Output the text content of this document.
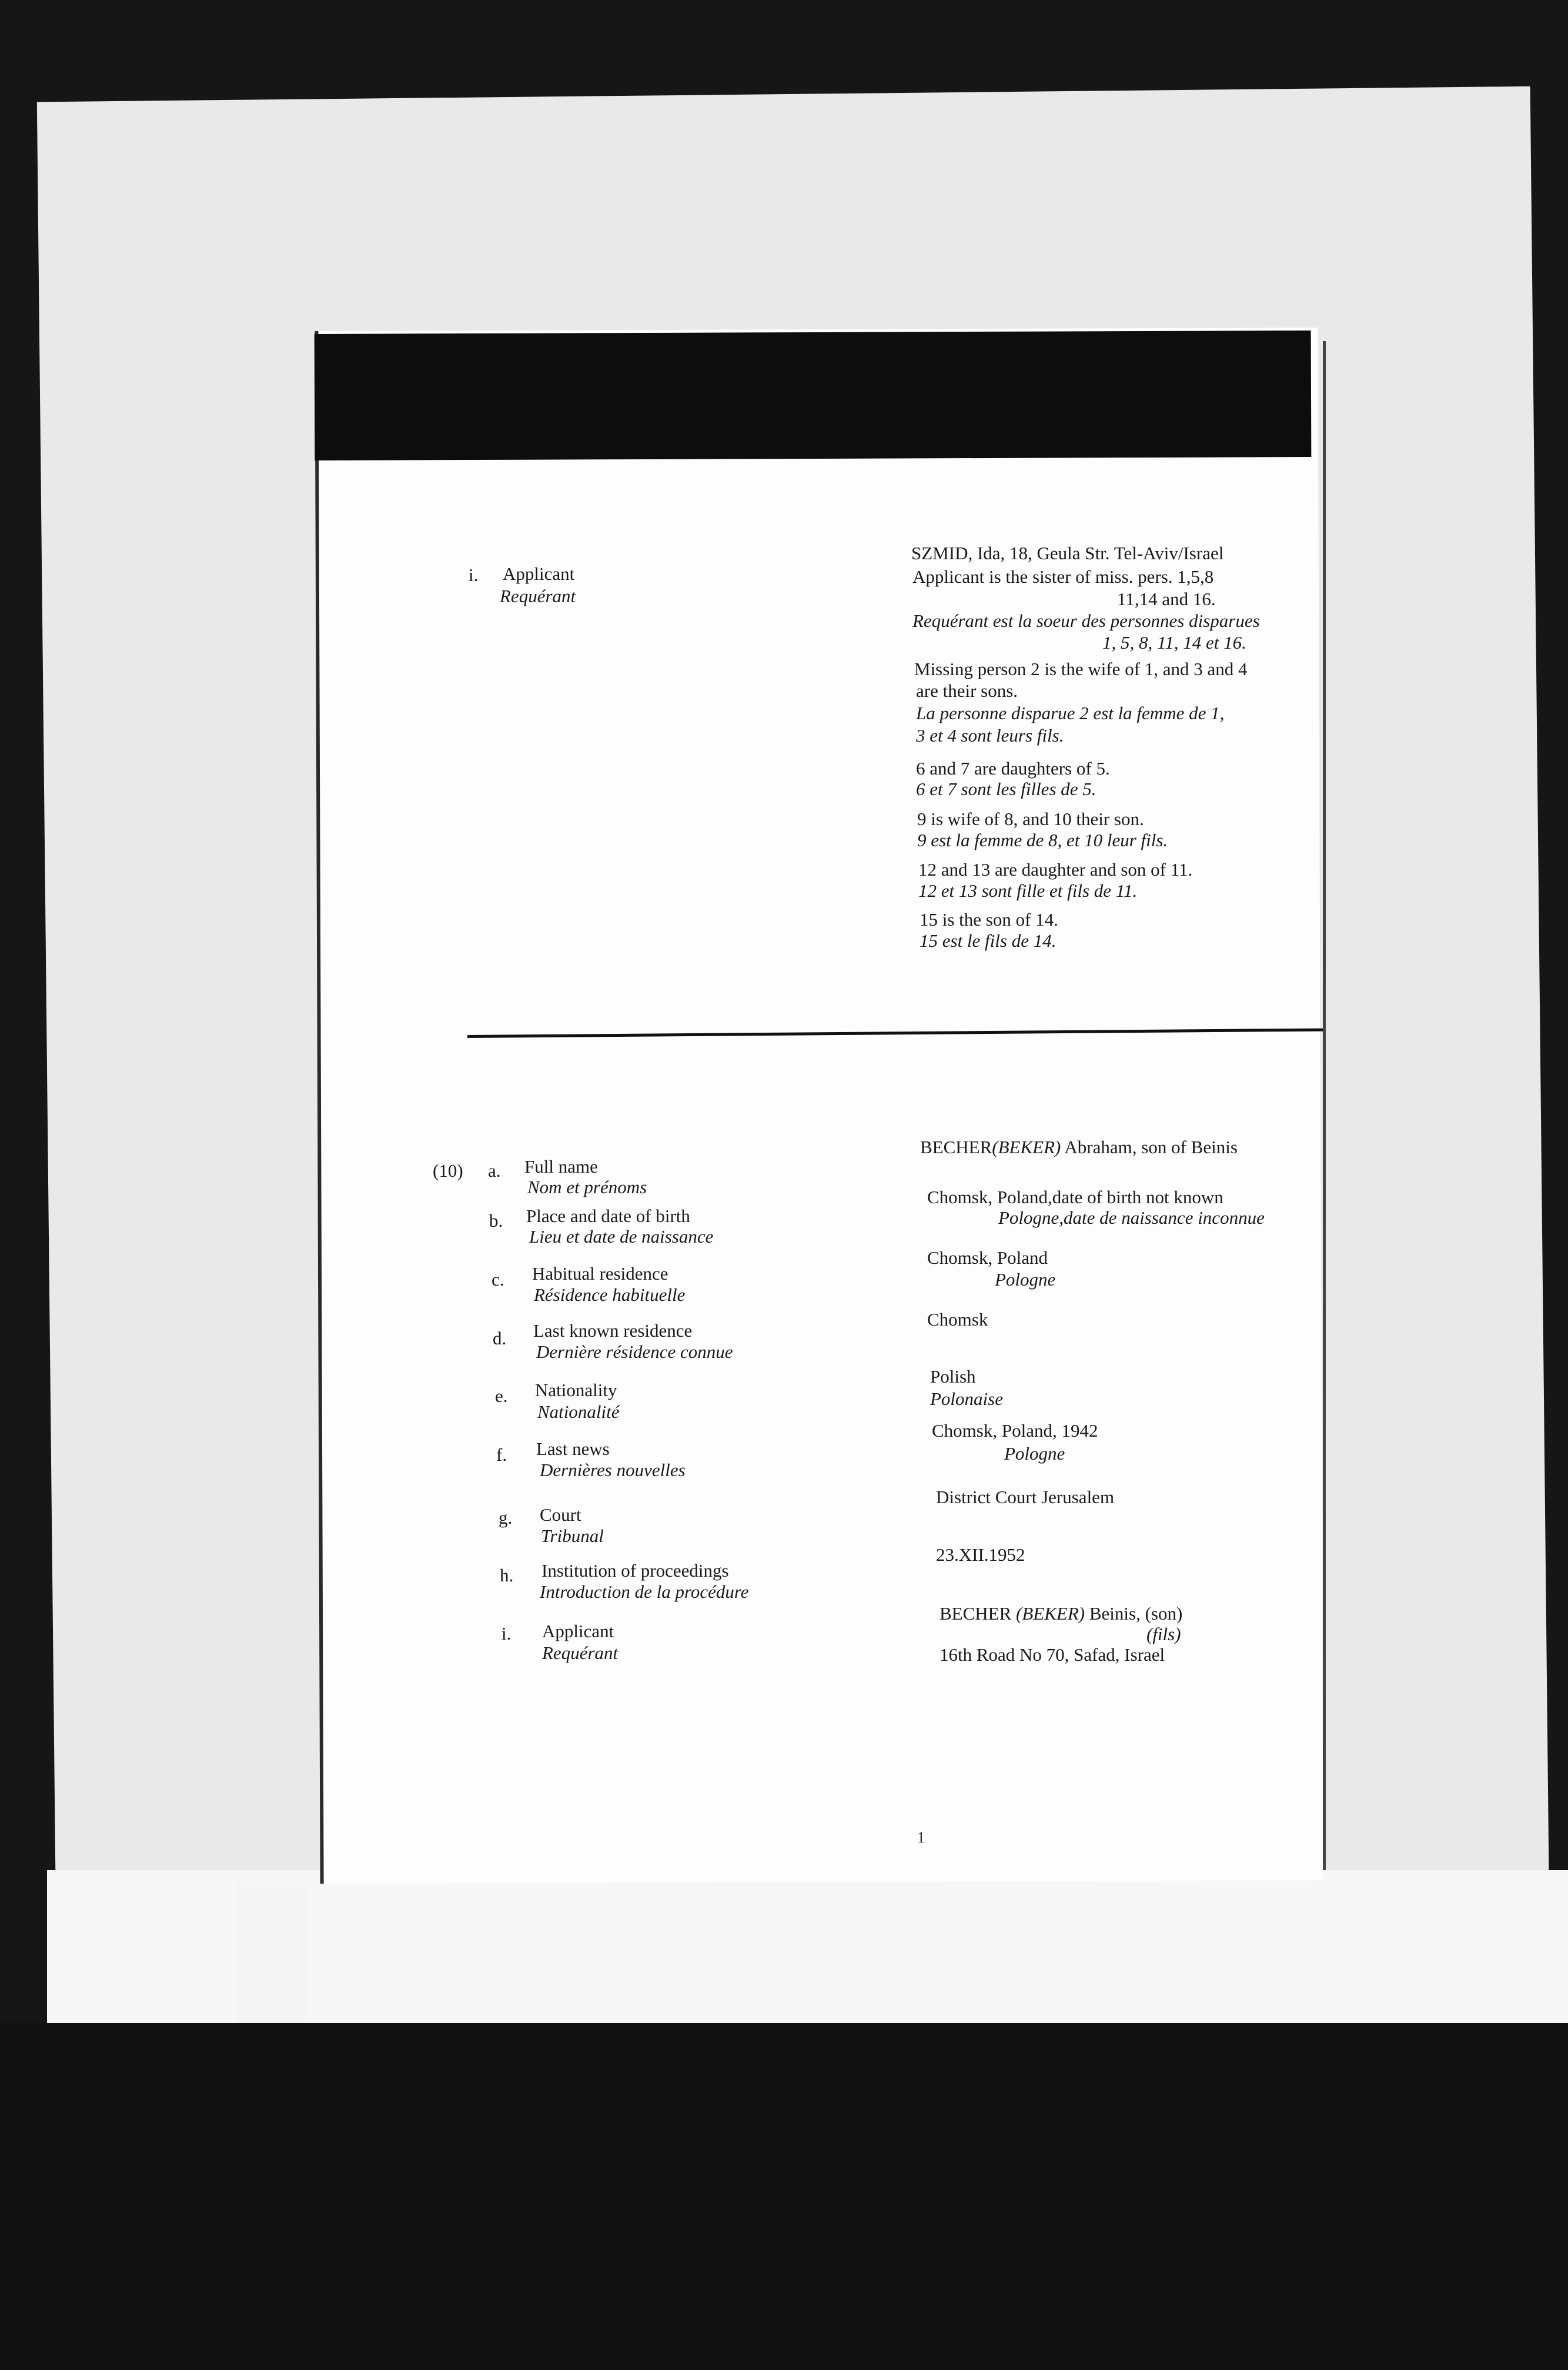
i. Applicant
Requérant
SZMID, Ida, 18, Geula Str. Tel-Aviv/Israel
Applicant is the sister of miss. pers. 1,5,8
11,14 and 16.
Requérant est la soeur des personnes disparues
1, 5, 8, 11, 14 et 16.
Missing person 2 is the wife of 1, and 3 and 4
are their sons.
La personne disparue 2 est la femme de 1,
3 et 4 sont leurs fils.
6 and 7 are daughters of 5.
6 et 7 sont les filles de 5.
9 is wife of 8, and 10 their son.
9 est la femme de 8, et 10 leur fils.
12 and 13 are daughter and son of 11.
12 et 13 sont fille et fils de 11.
15 is the son of 14.
15 est le fils de 14.
(10) a. Full name
Nom et prénoms
b. Place and date of birth
Lieu et date de naissance
c. Habitual residence
Résidence habituelle
d. Last known residence
Dernière résidence connue
e. Nationality
Nationalité
f. Last news
Dernières nouvelles
g. Court
Tribunal
h. Institution of proceedings
Introduction de la procédure
i. Applicant
Requérant
BECHER(BEKER) Abraham, son of Beinis
Chomsk, Poland,date of birth not known
Pologne,date de naissance inconnue
Chomsk, Poland
Pologne
Chomsk
Polish
Polonaise
Chomsk, Poland, 1942
Pologne
District Court Jerusalem
23.XII.1952
BECHER (BEKER) Beinis, (son)
(fils)
16th Road No 70, Safad, Israel
1
